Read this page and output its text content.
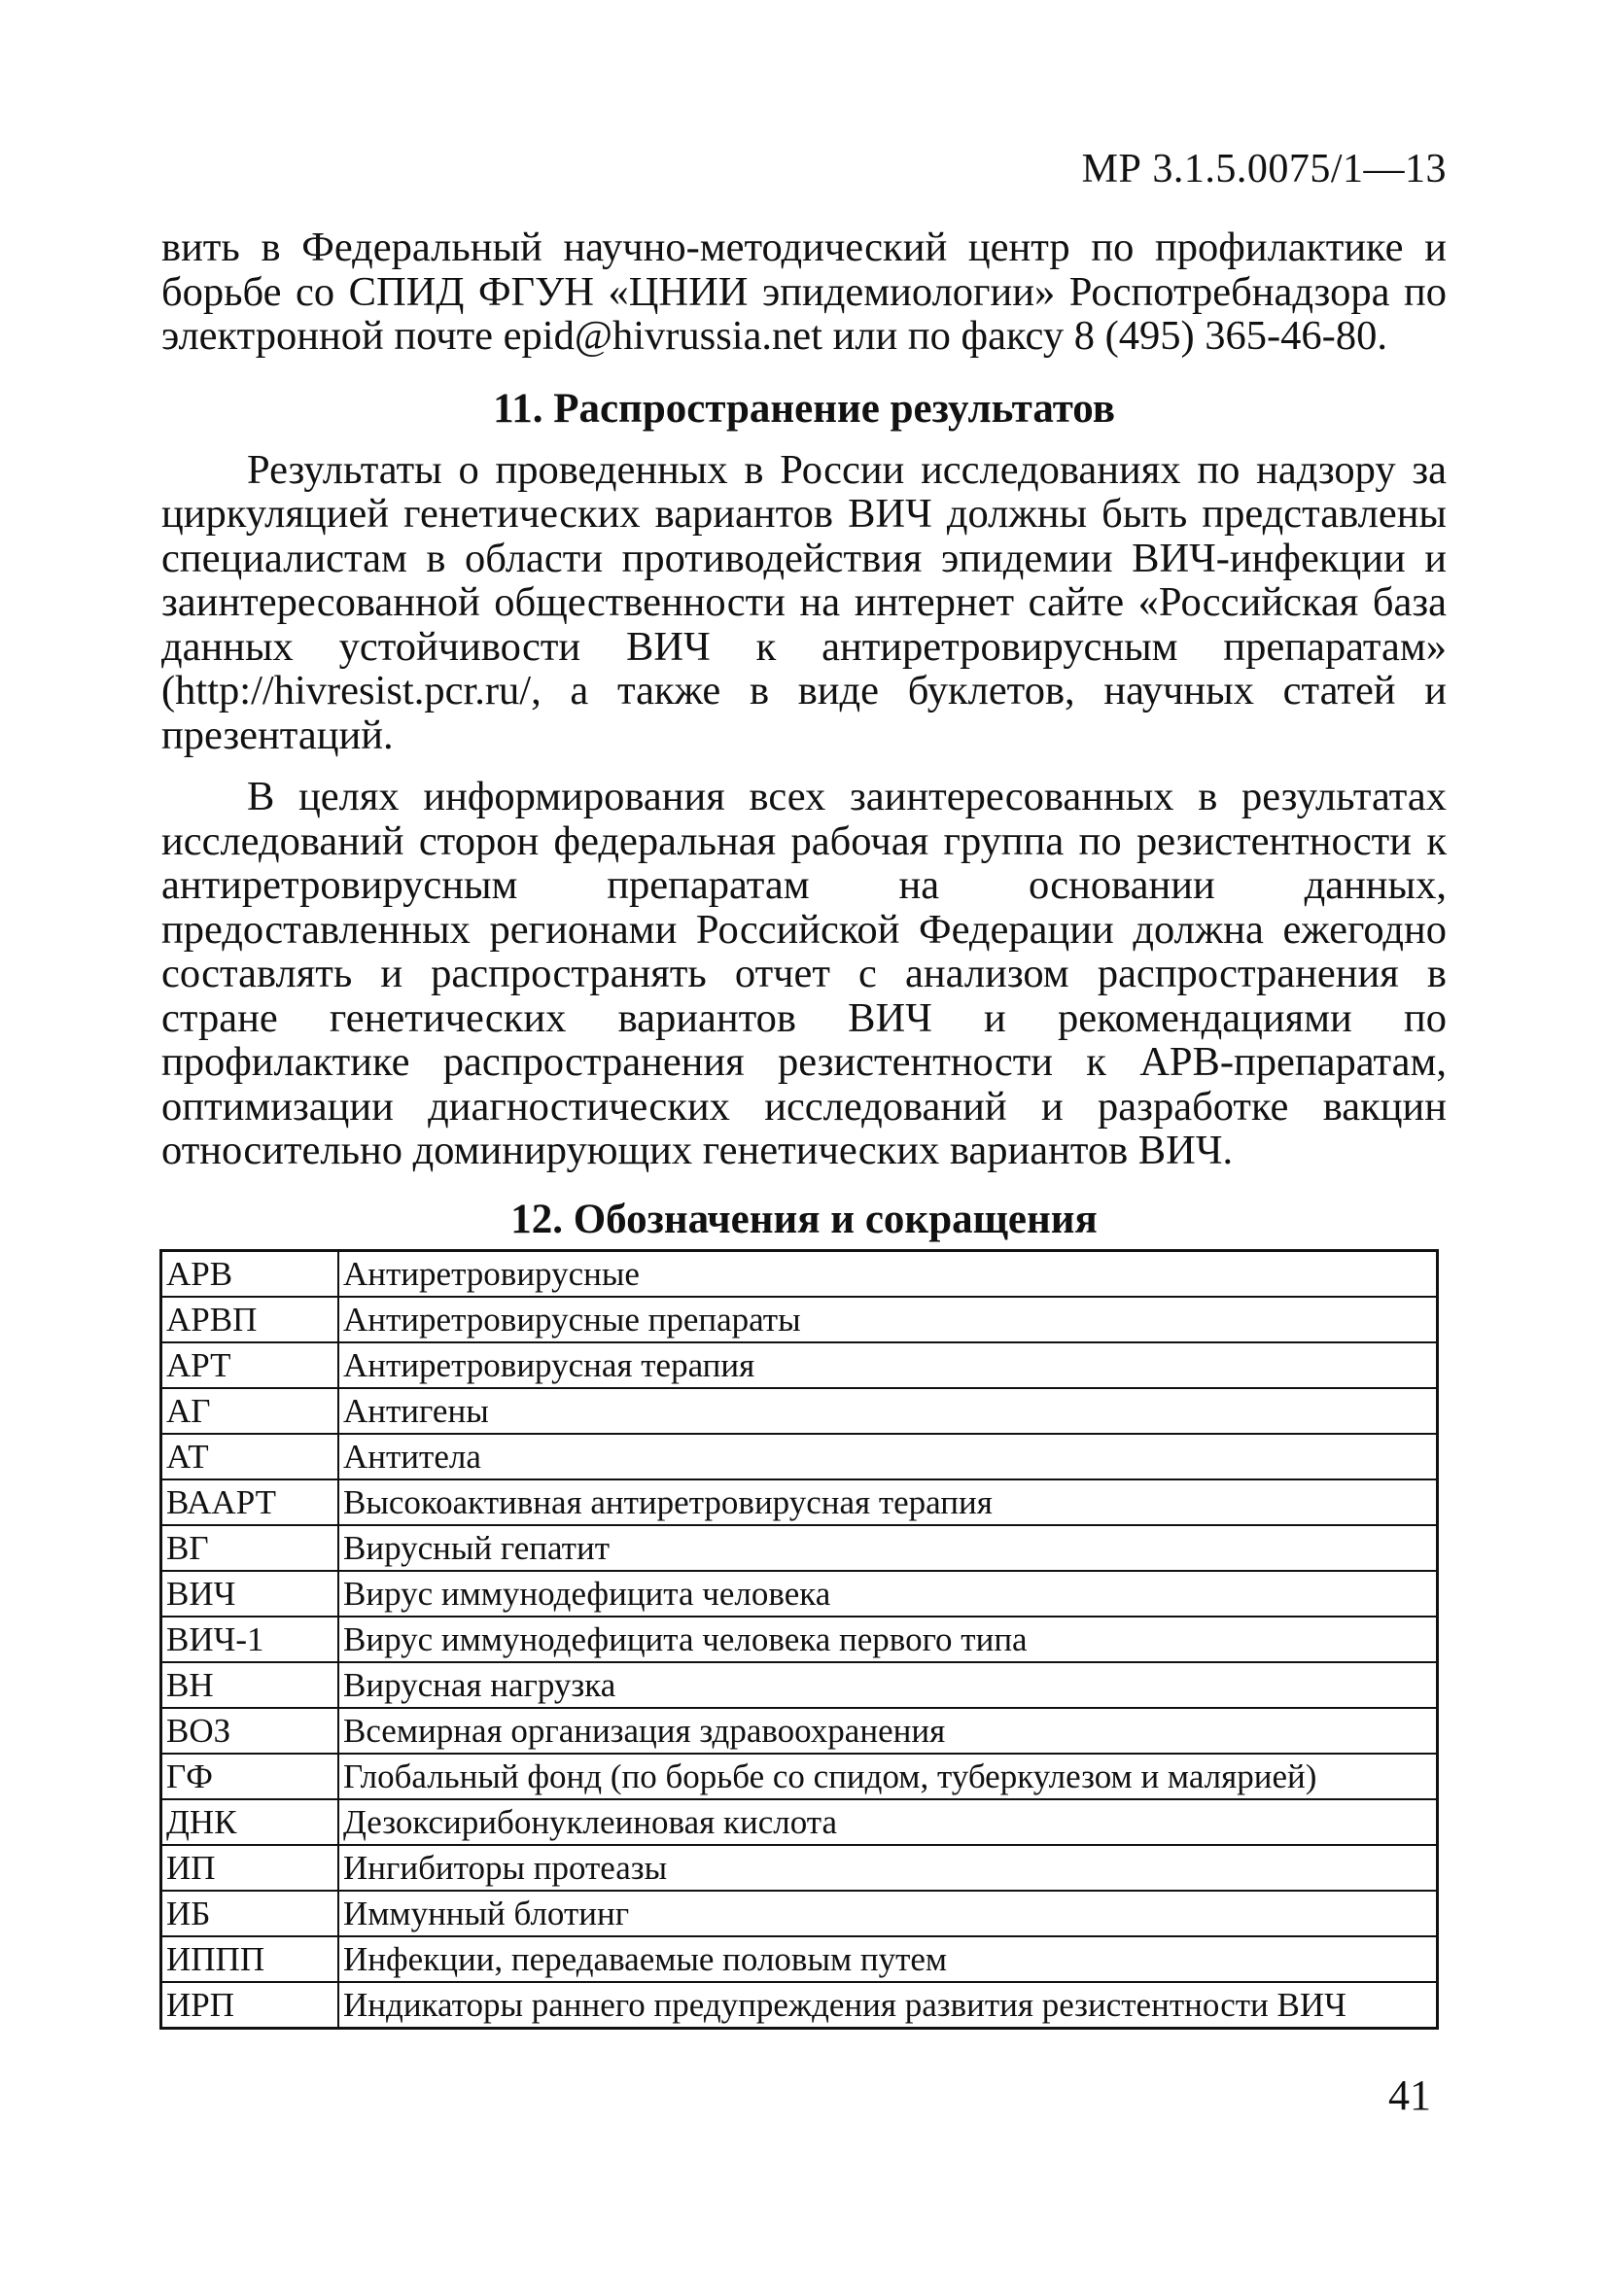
МР 3.1.5.0075/1—13

вить в Федеральный научно-методический центр по профилактике и борьбе со СПИД ФГУН «ЦНИИ эпидемиологии» Роспотребнадзора по электронной почте epid@hivrussia.net или по факсу 8 (495) 365-46-80.

11. Распространение результатов

Результаты о проведенных в России исследованиях по надзору за циркуляцией генетических вариантов ВИЧ должны быть представлены специалистам в области противодействия эпидемии ВИЧ-инфекции и заинтересованной общественности на интернет сайте «Российская база данных устойчивости ВИЧ к антиретровирусным препаратам» (http://hivresist.pcr.ru/, а также в виде буклетов, научных статей и презентаций.

В целях информирования всех заинтересованных в результатах исследований сторон федеральная рабочая группа по резистентности к антиретровирусным препаратам на основании данных, предоставленных регионами Российской Федерации должна ежегодно составлять и распространять отчет с анализом распространения в стране генетических вариантов ВИЧ и рекомендациями по профилактике распространения резистентности к АРВ-препаратам, оптимизации диагностических исследований и разработке вакцин относительно доминирующих генетических вариантов ВИЧ.

12. Обозначения и сокращения
АРВ	Антиретровирусные
АРВП	Антиретровирусные препараты
АРТ	Антиретровирусная терапия
АГ	Антигены
АТ	Антитела
ВААРТ	Высокоактивная антиретровирусная терапия
ВГ	Вирусный гепатит
ВИЧ	Вирус иммунодефицита человека
ВИЧ-1	Вирус иммунодефицита человека первого типа
ВН	Вирусная нагрузка
ВОЗ	Всемирная организация здравоохранения
ГФ	Глобальный фонд (по борьбе со спидом, туберкулезом и малярией)
ДНК	Дезоксирибонуклеиновая кислота
ИП	Ингибиторы протеазы
ИБ	Иммунный блотинг
ИППП	Инфекции, передаваемые половым путем
ИРП	Индикаторы раннего предупреждения развития резистентности ВИЧ
41
